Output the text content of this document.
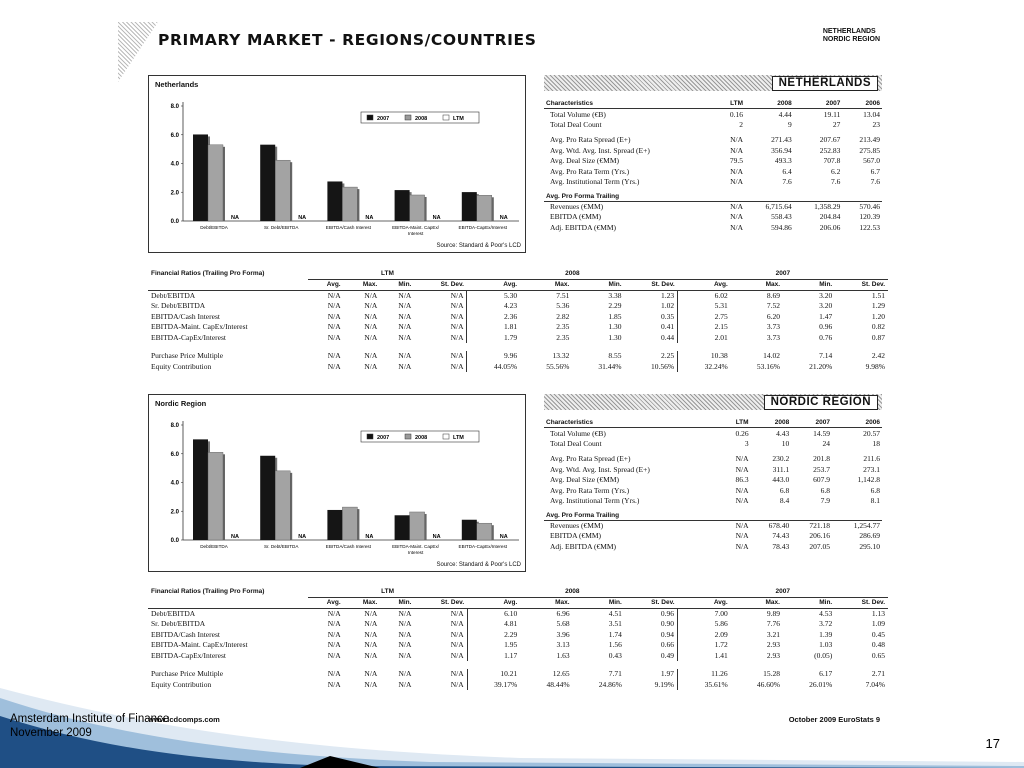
PRIMARY MARKET - REGIONS/COUNTRIES	NETHERLANDS
NORDIC REGION
Netherlands
8.0
6.0
4.0
2.0
0.0
2007	2008	LTM
NA
Debt/EBITDA
NA
Sr. Debt/EBITDA
NA
EBITDA/Cash Interest
NA
EBITDA-Maint. CapEx/
Interest
NA
EBITDA-CapEx/Interest
Source: Standard & Poor's LCD
NETHERLANDS
Characteristics	LTM	2008	2007	2006
Total Volume (€B)	0.16	4.44	19.11	13.04
Total Deal Count	2	9	27	23

Avg. Pro Rata Spread (E+)	N/A	271.43	207.67	213.49
Avg. Wtd. Avg. Inst. Spread (E+)	N/A	356.94	252.83	275.85
Avg. Deal Size (€MM)	79.5	493.3	707.8	567.0
Avg. Pro Rata Term (Yrs.)	N/A	6.4	6.2	6.7
Avg. Institutional Term (Yrs.)	N/A	7.6	7.6	7.6
Avg. Pro Forma Trailing				
Revenues (€MM)	N/A	6,715.64	1,358.29	570.46
EBITDA (€MM)	N/A	558.43	204.84	120.39
Adj. EBITDA (€MM)	N/A	594.86	206.06	122.53
Financial Ratios (Trailing Pro Forma)	LTM				2008				2007			
	Avg.	Max.	Min.	St. Dev.	Avg.	Max.	Min.	St. Dev.	Avg.	Max.	Min.	St. Dev.
Debt/EBITDA	N/A	N/A	N/A	N/A	5.30	7.51	3.38	1.23	6.02	8.69	3.20	1.51
Sr. Debt/EBITDA	N/A	N/A	N/A	N/A	4.23	5.36	2.29	1.02	5.31	7.52	3.20	1.29
EBITDA/Cash Interest	N/A	N/A	N/A	N/A	2.36	2.82	1.85	0.35	2.75	6.20	1.47	1.20
EBITDA-Maint. CapEx/Interest	N/A	N/A	N/A	N/A	1.81	2.35	1.30	0.41	2.15	3.73	0.96	0.82
EBITDA-CapEx/Interest	N/A	N/A	N/A	N/A	1.79	2.35	1.30	0.44	2.01	3.73	0.76	0.87

Purchase Price Multiple	N/A	N/A	N/A	N/A	9.96	13.32	8.55	2.25	10.38	14.02	7.14	2.42
Equity Contribution	N/A	N/A	N/A	N/A	44.05%	55.56%	31.44%	10.56%	32.24%	53.16%	21.20%	9.98%
Nordic Region
8.0
6.0
4.0
2.0
0.0
2007	2008	LTM
NA
Debt/EBITDA
NA
Sr. Debt/EBITDA
NA
EBITDA/Cash Interest
NA
EBITDA-Maint. CapEx/
Interest
NA
EBITDA-CapEx/Interest
Source: Standard & Poor's LCD
NORDIC REGION
Characteristics	LTM	2008	2007	2006
Total Volume (€B)	0.26	4.43	14.59	20.57
Total Deal Count	3	10	24	18

Avg. Pro Rata Spread (E+)	N/A	230.2	201.8	211.6
Avg. Wtd. Avg. Inst. Spread (E+)	N/A	311.1	253.7	273.1
Avg. Deal Size (€MM)	86.3	443.0	607.9	1,142.8
Avg. Pro Rata Term (Yrs.)	N/A	6.8	6.8	6.8
Avg. Institutional Term (Yrs.)	N/A	8.4	7.9	8.1
Avg. Pro Forma Trailing				
Revenues (€MM)	N/A	678.40	721.18	1,254.77
EBITDA (€MM)	N/A	74.43	206.16	286.69
Adj. EBITDA (€MM)	N/A	78.43	207.05	295.10
Financial Ratios (Trailing Pro Forma)	LTM				2008				2007			
	Avg.	Max.	Min.	St. Dev.	Avg.	Max.	Min.	St. Dev.	Avg.	Max.	Min.	St. Dev.
Debt/EBITDA	N/A	N/A	N/A	N/A	6.10	6.96	4.51	0.96	7.00	9.89	4.53	1.13
Sr. Debt/EBITDA	N/A	N/A	N/A	N/A	4.81	5.68	3.51	0.90	5.86	7.76	3.72	1.09
EBITDA/Cash Interest	N/A	N/A	N/A	N/A	2.29	3.96	1.74	0.94	2.09	3.21	1.39	0.45
EBITDA-Maint. CapEx/Interest	N/A	N/A	N/A	N/A	1.95	3.13	1.56	0.66	1.72	2.93	1.03	0.48
EBITDA-CapEx/Interest	N/A	N/A	N/A	N/A	1.17	1.63	0.43	0.49	1.41	2.93	(0.05)	0.65

Purchase Price Multiple	N/A	N/A	N/A	N/A	10.21	12.65	7.71	1.97	11.26	15.28	6.17	2.71
Equity Contribution	N/A	N/A	N/A	N/A	39.17%	48.44%	24.86%	9.19%	35.61%	46.60%	26.01%	7.04%
www.lcdcomps.com	October 2009 EuroStats 9
Amsterdam Institute of Finance
November 2009
17
